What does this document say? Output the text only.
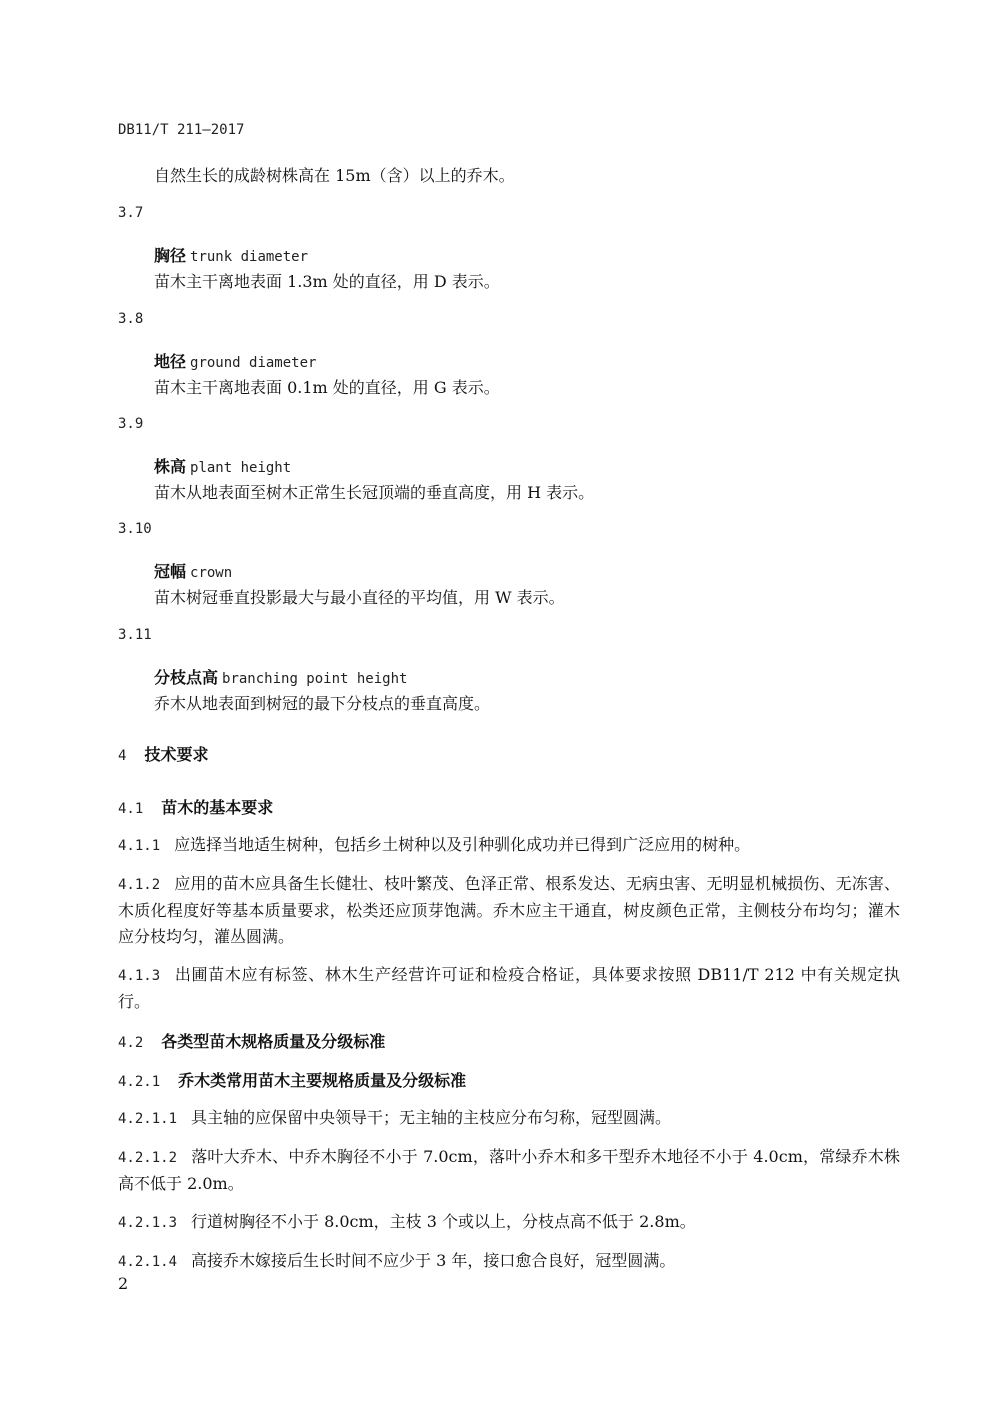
DB11/T 211—2017
自然生长的成龄树株高在 15m（含）以上的乔木。
3.7
胸径 trunk diameter
苗木主干离地表面 1.3m 处的直径，用 D 表示。
3.8
地径 ground diameter
苗木主干离地表面 0.1m 处的直径，用 G 表示。
3.9
株高 plant height
苗木从地表面至树木正常生长冠顶端的垂直高度，用 H 表示。
3.10
冠幅 crown
苗木树冠垂直投影最大与最小直径的平均值，用 W 表示。
3.11
分枝点高 branching point height
乔木从地表面到树冠的最下分枝点的垂直高度。
4 技术要求
4.1 苗木的基本要求
4.1.1 应选择当地适生树种，包括乡土树种以及引种驯化成功并已得到广泛应用的树种。
4.1.2 应用的苗木应具备生长健壮、枝叶繁茂、色泽正常、根系发达、无病虫害、无明显机械损伤、无冻害、木质化程度好等基本质量要求，松类还应顶芽饱满。乔木应主干通直，树皮颜色正常，主侧枝分布均匀；灌木应分枝均匀，灌丛圆满。
4.1.3 出圃苗木应有标签、林木生产经营许可证和检疫合格证，具体要求按照 DB11/T 212 中有关规定执行。
4.2 各类型苗木规格质量及分级标准
4.2.1 乔木类常用苗木主要规格质量及分级标准
4.2.1.1 具主轴的应保留中央领导干；无主轴的主枝应分布匀称，冠型圆满。
4.2.1.2 落叶大乔木、中乔木胸径不小于 7.0cm，落叶小乔木和多干型乔木地径不小于 4.0cm，常绿乔木株高不低于 2.0m。
4.2.1.3 行道树胸径不小于 8.0cm，主枝 3 个或以上，分枝点高不低于 2.8m。
4.2.1.4 高接乔木嫁接后生长时间不应少于 3 年，接口愈合良好，冠型圆满。
2
